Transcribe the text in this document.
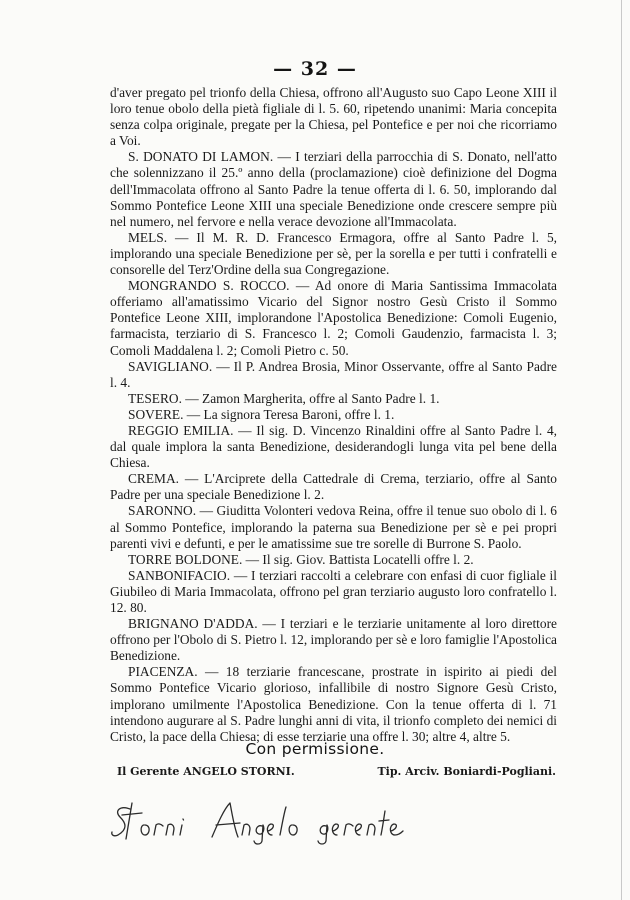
— 32 —

d'aver pregato pel trionfo della Chiesa, offrono all'Augusto suo Capo Leone XIII il loro tenue obolo della pietà figliale di l. 5. 60, ripetendo unanimi: Maria concepita senza colpa originale, pregate per la Chiesa, pel Pontefice e per noi che ricorriamo a Voi.

S. DONATO DI LAMON. — I terziari della parrocchia di S. Donato, nell'atto che solennizzano il 25.º anno della (proclamazione) cioè definizione del Dogma dell'Immacolata offrono al Santo Padre la tenue offerta di l. 6. 50, implorando dal Sommo Pontefice Leone XIII una speciale Benedizione onde crescere sempre più nel numero, nel fervore e nella verace devozione all'Immacolata.

MELS. — Il M. R. D. Francesco Ermagora, offre al Santo Padre l. 5, implorando una speciale Benedizione per sè, per la sorella e per tutti i confratelli e consorelle del Terz'Ordine della sua Congregazione.

MONGRANDO S. ROCCO. — Ad onore di Maria Santissima Immacolata offeriamo all'amatissimo Vicario del Signor nostro Gesù Cristo il Sommo Pontefice Leone XIII, implorandone l'Apostolica Benedizione: Comoli Eugenio, farmacista, terziario di S. Francesco l. 2; Comoli Gaudenzio, farmacista l. 3; Comoli Maddalena l. 2; Comoli Pietro c. 50.

SAVIGLIANO. — Il P. Andrea Brosia, Minor Osservante, offre al Santo Padre l. 4.

TESERO. — Zamon Margherita, offre al Santo Padre l. 1.

SOVERE. — La signora Teresa Baroni, offre l. 1.

REGGIO EMILIA. — Il sig. D. Vincenzo Rinaldini offre al Santo Padre l. 4, dal quale implora la santa Benedizione, desiderandogli lunga vita pel bene della Chiesa.

CREMA. — L'Arciprete della Cattedrale di Crema, terziario, offre al Santo Padre per una speciale Benedizione l. 2.

SARONNO. — Giuditta Volonteri vedova Reina, offre il tenue suo obolo di l. 6 al Sommo Pontefice, implorando la paterna sua Benedizione per sè e pei propri parenti vivi e defunti, e per le amatissime sue tre sorelle di Burrone S. Paolo.

TORRE BOLDONE. — Il sig. Giov. Battista Locatelli offre l. 2.

SANBONIFACIO. — I terziari raccolti a celebrare con enfasi di cuor figliale il Giubileo di Maria Immacolata, offrono pel gran terziario augusto loro confratello l. 12. 80.

BRIGNANO D'ADDA. — I terziari e le terziarie unitamente al loro direttore offrono per l'Obolo di S. Pietro l. 12, implorando per sè e loro famiglie l'Apostolica Benedizione.

PIACENZA. — 18 terziarie francescane, prostrate in ispirito ai piedi del Sommo Pontefice Vicario glorioso, infallibile di nostro Signore Gesù Cristo, implorano umilmente l'Apostolica Benedizione. Con la tenue offerta di l. 71 intendono augurare al S. Padre lunghi anni di vita, il trionfo completo dei nemici di Cristo, la pace della Chiesa; di esse terziarie una offre l. 30; altre 4, altre 5.

Con permissione.
Il Gerente ANGELO STORNI.	Tip. Arciv. Boniardi-Pogliani.
